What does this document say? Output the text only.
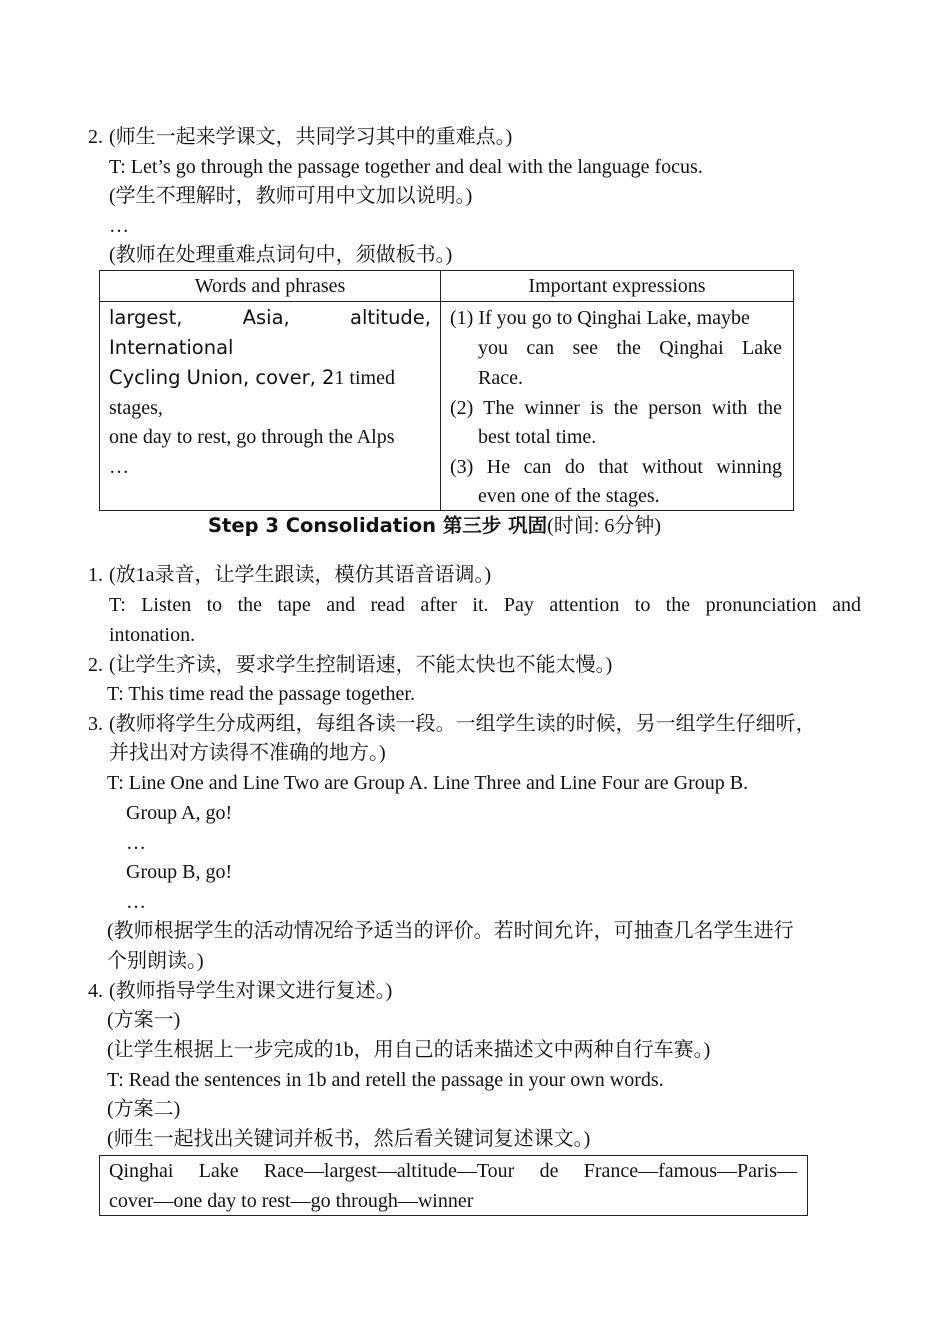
2. (师生一起来学课文，共同学习其中的重难点。)
T: Let’s go through the passage together and deal with the language focus.
(学生不理解时，教师可用中文加以说明。)
…
(教师在处理重难点词句中，须做板书。)
Words and phrases	Important expressions
largest, Asia, altitude,
International
Cycling Union, cover, 21 timed
stages,
one day to rest, go through the Alps
…
(1) If you go to Qinghai Lake, maybe
you can see the Qinghai Lake
Race.
(2) The winner is the person with the
best total time.
(3) He can do that without winning
even one of the stages.
Step 3 Consolidation 第三步 巩固(时间: 6分钟)
1. (放1a录音，让学生跟读，模仿其语音语调。)
T: Listen to the tape and read after it. Pay attention to the pronunciation and
intonation.
2. (让学生齐读，要求学生控制语速，不能太快也不能太慢。)
T: This time read the passage together.
3. (教师将学生分成两组，每组各读一段。一组学生读的时候，另一组学生仔细听，
并找出对方读得不准确的地方。)
T: Line One and Line Two are Group A. Line Three and Line Four are Group B.
Group A, go!
…
Group B, go!
…
(教师根据学生的活动情况给予适当的评价。若时间允许，可抽查几名学生进行
个别朗读。)
4. (教师指导学生对课文进行复述。)
(方案一)
(让学生根据上一步完成的1b，用自己的话来描述文中两种自行车赛。)
T: Read the sentences in 1b and retell the passage in your own words.
(方案二)
(师生一起找出关键词并板书，然后看关键词复述课文。)
Qinghai Lake Race—largest—altitude—Tour de France—famous—Paris—
cover—one day to rest—go through—winner
